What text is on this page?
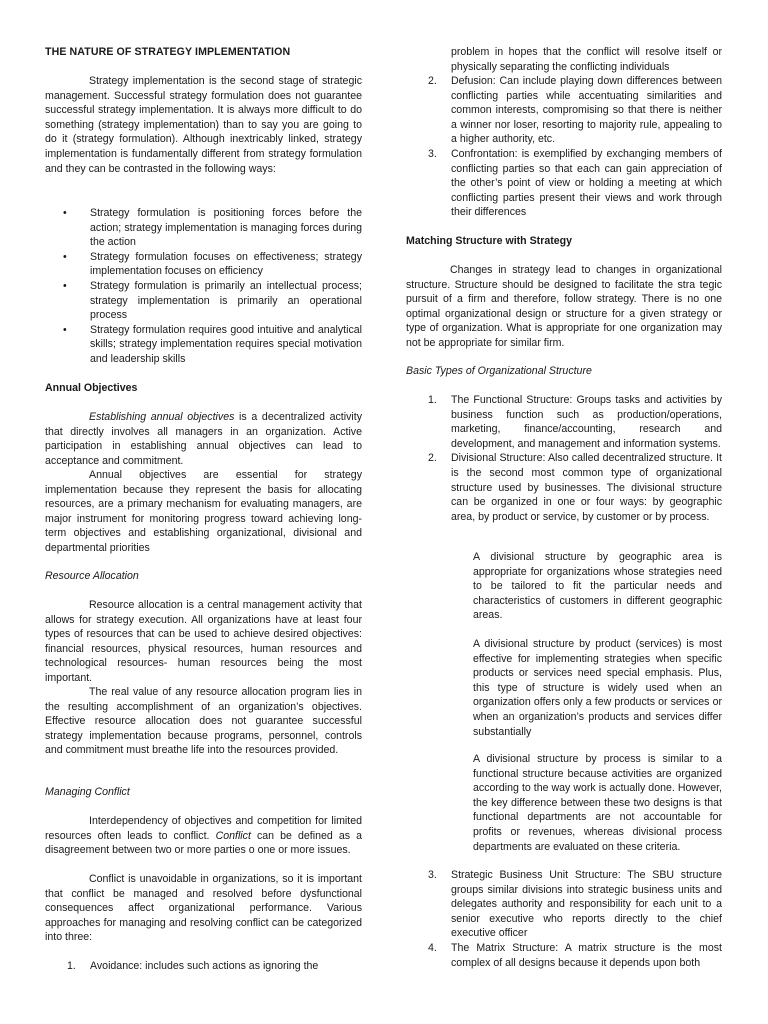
THE NATURE OF STRATEGY IMPLEMENTATION

Strategy implementation is the second stage of strategic management. Successful strategy formulation does not guarantee successful strategy implementation. It is always more difficult to do something (strategy implementation) than to say you are going to do it (strategy formulation). Although inextricably linked, strategy implementation is fundamentally different from strategy formulation and they can be contrasted in the following ways:

• Strategy formulation is positioning forces before the action; strategy implementation is managing forces during the action
• Strategy formulation focuses on effectiveness; strategy implementation focuses on efficiency
• Strategy formulation is primarily an intellectual process; strategy implementation is primarily an operational process
• Strategy formulation requires good intuitive and analytical skills; strategy implementation requires special motivation and leadership skills
Annual Objectives

Establishing annual objectives is a decentralized activity that directly involves all managers in an organization. Active participation in establishing annual objectives can lead to acceptance and commitment.

Annual objectives are essential for strategy implementation because they represent the basis for allocating resources, are a primary mechanism for evaluating managers, are major instrument for monitoring progress toward achieving long-term objectives and establishing organizational, divisional and departmental priorities

Resource Allocation

Resource allocation is a central management activity that allows for strategy execution. All organizations have at least four types of resources that can be used to achieve desired objectives: financial resources, physical resources, human resources and technological resources- human resources being the most important.

The real value of any resource allocation program lies in the resulting accomplishment of an organization’s objectives. Effective resource allocation does not guarantee successful strategy implementation because programs, personnel, controls and commitment must breathe life into the resources provided.

Managing Conflict

Interdependency of objectives and competition for limited resources often leads to conflict. Conflict can be defined as a disagreement between two or more parties o one or more issues.

Conflict is unavoidable in organizations, so it is important that conflict be managed and resolved before dysfunctional consequences affect organizational performance. Various approaches for managing and resolving conflict can be categorized into three:

1. Avoidance: includes such actions as ignoring the

problem in hopes that the conflict will resolve itself or physically separating the conflicting individuals

2. Defusion: Can include playing down differences between conflicting parties while accentuating similarities and common interests, compromising so that there is neither a winner nor loser, resorting to majority rule, appealing to a higher authority, etc.
3. Confrontation: is exemplified by exchanging members of conflicting parties so that each can gain appreciation of the other’s point of view or holding a meeting at which conflicting parties present their views and work through their differences
Matching Structure with Strategy

Changes in strategy lead to changes in organizational structure. Structure should be designed to facilitate the stra tegic pursuit of a firm and therefore, follow strategy. There is no one optimal organizational design or structure for a given strategy or type of organization. What is appropriate for one organization may not be appropriate for similar firm.

Basic Types of Organizational Structure
1. The Functional Structure: Groups tasks and activities by business function such as production/operations, marketing, finance/accounting, research and development, and management and information systems.
2. Divisional Structure: Also called decentralized structure. It is the second most common type of organizational structure used by businesses. The divisional structure can be organized in one or four ways: by geographic area, by product or service, by customer or by process.

A divisional structure by geographic area is appropriate for organizations whose strategies need to be tailored to fit the particular needs and characteristics of customers in different geographic areas.

A divisional structure by product (services) is most effective for implementing strategies when specific products or services need special emphasis. Plus, this type of structure is widely used when an organization offers only a few products or services or when an organization’s products and services differ substantially

A divisional structure by process is similar to a functional structure because activities are organized according to the way work is actually done. However, the key difference between these two designs is that functional departments are not accountable for profits or revenues, whereas divisional process departments are evaluated on these criteria.

3. Strategic Business Unit Structure: The SBU structure groups similar divisions into strategic business units and delegates authority and responsibility for each unit to a senior executive who reports directly to the chief executive officer
4. The Matrix Structure: A matrix structure is the most complex of all designs because it depends upon both
